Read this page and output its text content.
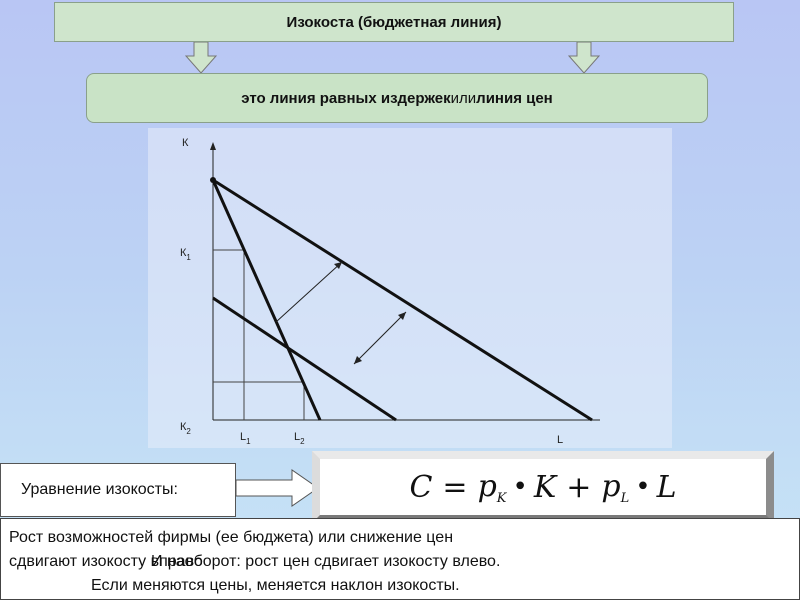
Изокоста (бюджетная линия)
это линия равных издержек или линия цен
К
L
$К_1$
$К_2$	$L_1$	$L_2$
Уравнение изокосты:	$C = p_K$ • $K + p_L$ • L
Рост возможностей фирмы (ее бюджета) или снижение цен
сдвигают изокосту вправо
И наоборот: рост цен сдвигает изокосту влево.
Если меняются цены, меняется наклон изокосты.
